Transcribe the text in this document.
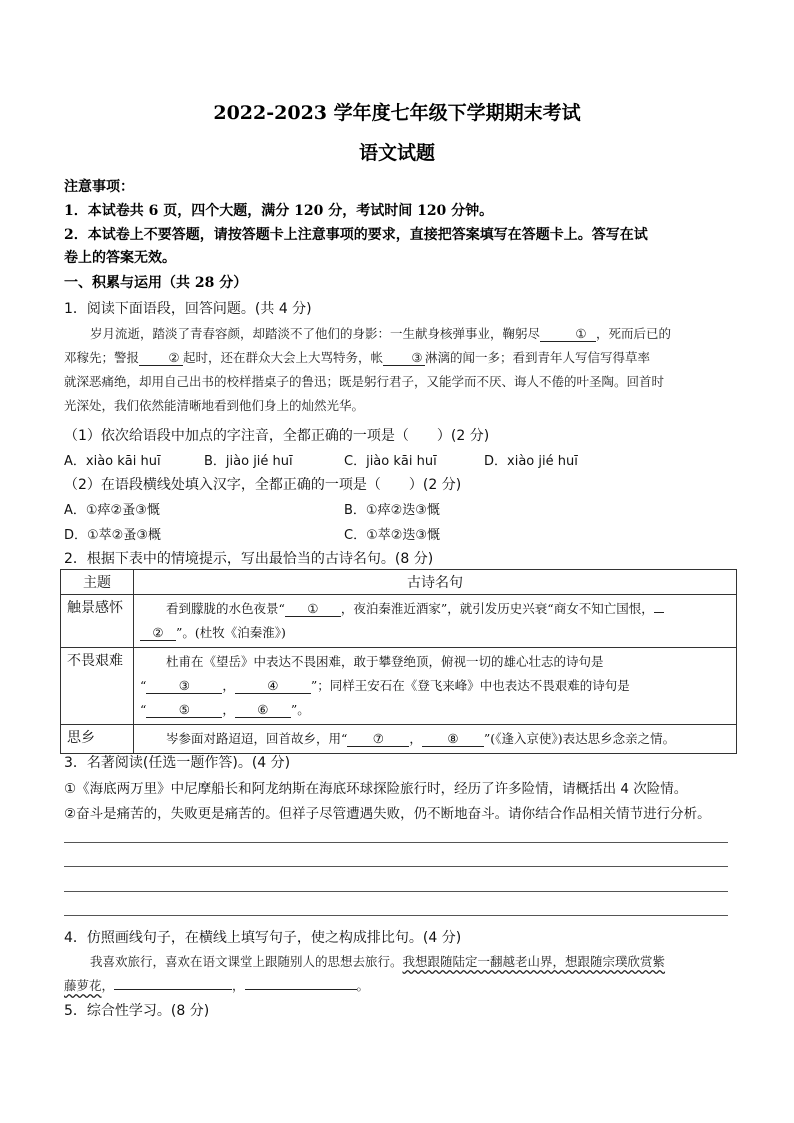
2022-2023 学年度七年级下学期期末考试
语文试题
注意事项：
1．本试卷共 6 页，四个大题，满分 120 分，考试时间 120 分钟。
2．本试卷上不要答题，请按答题卡上注意事项的要求，直接把答案填写在答题卡上。答写在试
卷上的答案无效。
一、积累与运用（共 28 分）
1．阅读下面语段，回答问题。(共 4 分)
岁月流逝，踏淡了青春容颜，却踏淡不了他们的身影：一生献身核弹事业，鞠躬尽	① ，死而后已的
邓稼先；警报 ② 起时，还在群众大会上大骂特务，帐 ③ 淋漓的闻一多；看到青年人写信写得草率
就深恶痛绝，却用自己出书的校样揩桌子的鲁迅；既是躬行君子，又能学而不厌、诲人不倦的叶圣陶。回首时
光深处，我们依然能清晰地看到他们身上的灿然光华。
（1）依次给语段中加点的字注音，全都正确的一项是（　　）(2 分)
A．xiào kāi huī	B．jiào jié huī	C．jiào kāi huī	D．xiào jié huī
（2）在语段横线处填入汉字，全都正确的一项是（　　）(2 分)
A．①瘁②蚤③慨	B．①瘁②迭③慨
D．①萃②蚤③概	C．①萃②迭③慨
2．根据下表中的情境提示，写出最恰当的古诗名句。(8 分)
主题	古诗名句
触景感怀	看到朦胧的水色夜景“ ① ，夜泊秦淮近酒家”，就引发历史兴衰“商女不知亡国恨，
② ”。(杜牧《泊秦淮》)
不畏艰难	杜甫在《望岳》中表达不畏困难，敢于攀登绝顶，俯视一切的雄心壮志的诗句是
“ ③ ， ④ ”；同样王安石在《登飞来峰》中也表达不畏艰难的诗句是
“ ⑤ ， ⑥ ”。
思乡	岑参面对路迢迢，回首故乡，用“ ⑦ ， ⑧ ”(《逢入京使》)表达思乡念亲之情。
3．名著阅读(任选一题作答)。(4 分)
①《海底两万里》中尼摩船长和阿龙纳斯在海底环球探险旅行时，经历了许多险情，请概括出 4 次险情。
②奋斗是痛苦的，失败更是痛苦的。但祥子尽管遭遇失败，仍不断地奋斗。请你结合作品相关情节进行分析。
4．仿照画线句子，在横线上填写句子，使之构成排比句。(4 分)
我喜欢旅行，喜欢在语文课堂上跟随别人的思想去旅行。我想跟随陆定一翻越老山界，想跟随宗璞欣赏紫
藤萝花，	，	。
5．综合性学习。(8 分)
